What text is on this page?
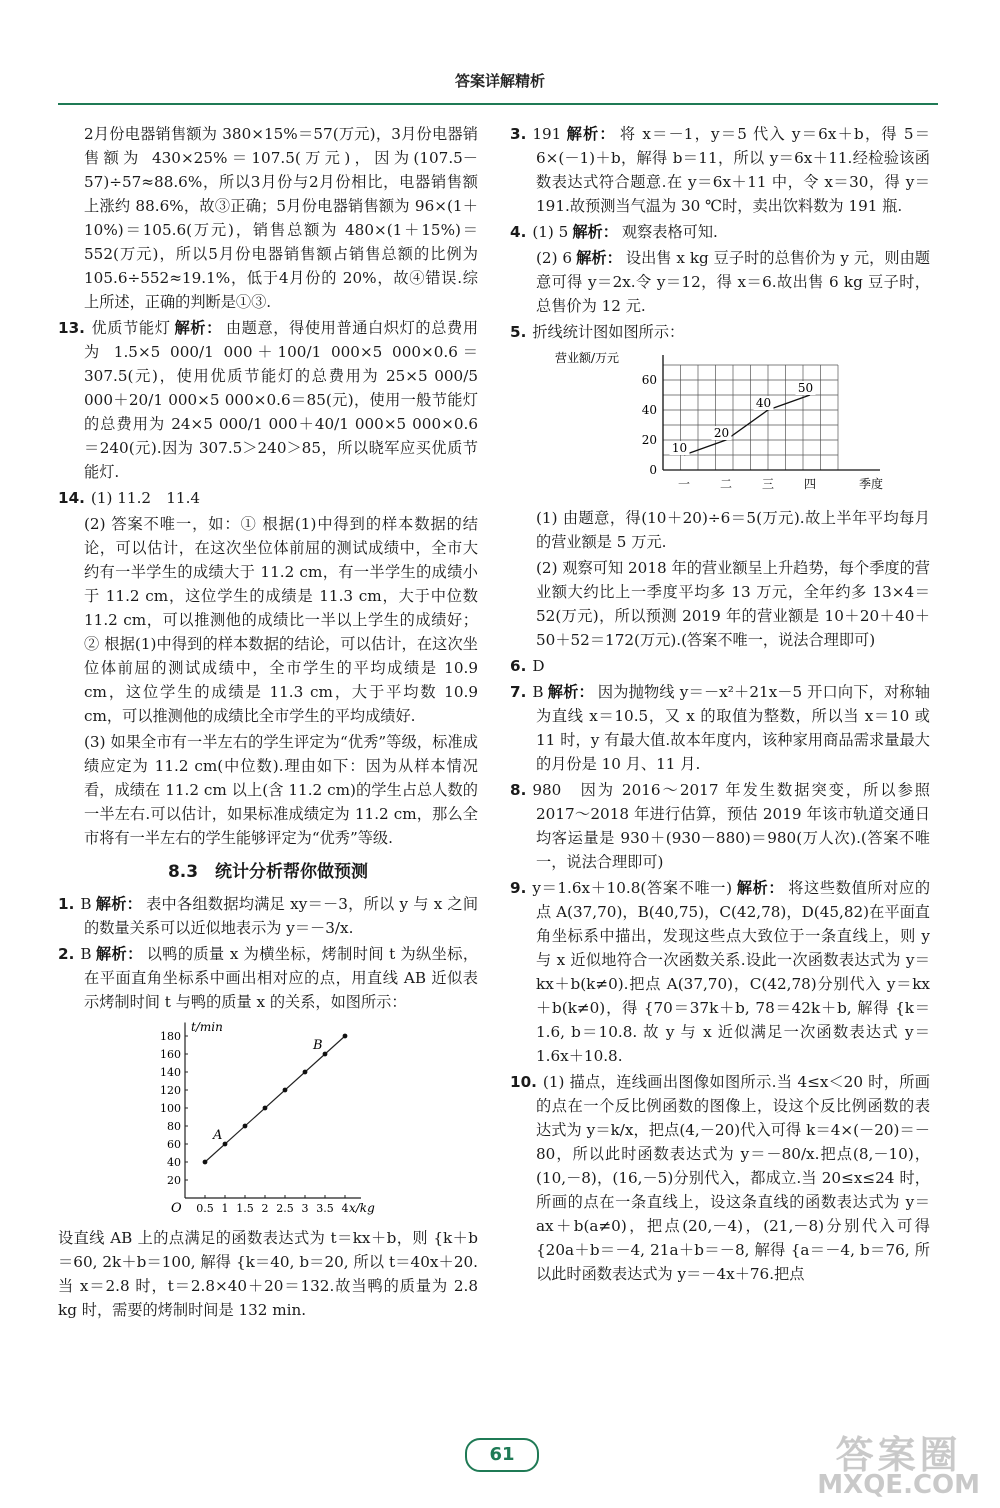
答案详解精析

2月份电器销售额为 380×15%＝57(万元)，3月份电器销售额为 430×25%＝107.5(万元)，因为(107.5－57)÷57≈88.6%，所以3月份与2月份相比，电器销售额上涨约 88.6%，故③正确；5月份电器销售额为 96×(1＋10%)＝105.6(万元)，销售总额为 480×(1＋15%)＝552(万元)，所以5月份电器销售额占销售总额的比例为 105.6÷552≈19.1%，低于4月份的 20%，故④错误.综上所述，正确的判断是①③.

13. 优质节能灯 解析： 由题意，得使用普通白炽灯的总费用为 1.5×5 000/1 000＋100/1 000×5 000×0.6＝307.5(元)，使用优质节能灯的总费用为 25×5 000/5 000＋20/1 000×5 000×0.6＝85(元)，使用一般节能灯的总费用为 24×5 000/1 000＋40/1 000×5 000×0.6＝240(元).因为 307.5＞240＞85，所以晓军应买优质节能灯.

14. (1) 11.2　11.4

(2) 答案不唯一，如：① 根据(1)中得到的样本数据的结论，可以估计，在这次坐位体前屈的测试成绩中，全市大约有一半学生的成绩大于 11.2 cm，有一半学生的成绩小于 11.2 cm，这位学生的成绩是 11.3 cm，大于中位数 11.2 cm，可以推测他的成绩比一半以上学生的成绩好；② 根据(1)中得到的样本数据的结论，可以估计，在这次坐位体前屈的测试成绩中，全市学生的平均成绩是 10.9 cm，这位学生的成绩是 11.3 cm，大于平均数 10.9 cm，可以推测他的成绩比全市学生的平均成绩好.

(3) 如果全市有一半左右的学生评定为“优秀”等级，标准成绩应定为 11.2 cm(中位数).理由如下：因为从样本情况看，成绩在 11.2 cm 以上(含 11.2 cm)的学生占总人数的一半左右.可以估计，如果标准成绩定为 11.2 cm，那么全市将有一半左右的学生能够评定为“优秀”等级.

8.3　统计分析帮你做预测

1. B 解析： 表中各组数据均满足 xy＝－3，所以 y 与 x 之间的数量关系可以近似地表示为 y＝－3/x.

2. B 解析： 以鸭的质量 x 为横坐标，烤制时间 t 为纵坐标，在平面直角坐标系中画出相对应的点，用直线 AB 近似表示烤制时间 t 与鸭的质量 x 的关系，如图所示：

O 0.5 1 1.5 2 2.5 3 3.5 4
20
40
60
80
100
120
140
160
180
t/min
x/kg
A
B

设直线 AB 上的点满足的函数表达式为 t＝kx＋b，则 {k＋b＝60, 2k＋b＝100, 解得 {k＝40, b＝20, 所以 t＝40x＋20.当 x＝2.8 时，t＝2.8×40＋20＝132.故当鸭的质量为 2.8 kg 时，需要的烤制时间是 132 min.

3. 191 解析： 将 x＝－1，y＝5 代入 y＝6x＋b，得 5＝6×(－1)＋b，解得 b＝11，所以 y＝6x＋11.经检验该函数表达式符合题意.在 y＝6x＋11 中，令 x＝30，得 y＝191.故预测当气温为 30 ℃时，卖出饮料数为 191 瓶.

4. (1) 5 解析： 观察表格可知.

(2) 6 解析： 设出售 x kg 豆子时的总售价为 y 元，则由题意可得 y＝2x.令 y＝12，得 x＝6.故出售 6 kg 豆子时，总售价为 12 元.

5. 折线统计图如图所示：

营业额/万元
0
20
40
60
一 二 三 四	季度
10
20
40
50

(1) 由题意，得(10＋20)÷6＝5(万元).故上半年平均每月的营业额是 5 万元.

(2) 观察可知 2018 年的营业额呈上升趋势，每个季度的营业额大约比上一季度平均多 13 万元，全年约多 13×4＝52(万元)，所以预测 2019 年的营业额是 10＋20＋40＋50＋52＝172(万元).(答案不唯一，说法合理即可)

6. D

7. B 解析： 因为抛物线 y＝－x²＋21x－5 开口向下，对称轴为直线 x＝10.5，又 x 的取值为整数，所以当 x＝10 或 11 时，y 有最大值.故本年度内，该种家用商品需求量最大的月份是 10 月、11 月.

8. 980　 因为 2016～2017 年发生数据突变，所以参照 2017～2018 年进行估算，预估 2019 年该市轨道交通日均客运量是 930＋(930－880)＝980(万人次).(答案不唯一，说法合理即可)

9. y＝1.6x＋10.8(答案不唯一) 解析： 将这些数值所对应的点 A(37,70)，B(40,75)，C(42,78)，D(45,82)在平面直角坐标系中描出，发现这些点大致位于一条直线上，则 y 与 x 近似地符合一次函数关系.设此一次函数表达式为 y＝kx＋b(k≠0).把点 A(37,70)，C(42,78)分别代入 y＝kx＋b(k≠0)，得 {70＝37k＋b, 78＝42k＋b, 解得 {k＝1.6, b＝10.8. 故 y 与 x 近似满足一次函数表达式 y＝1.6x＋10.8.

10. (1) 描点，连线画出图像如图所示.当 4≤x＜20 时，所画的点在一个反比例函数的图像上，设这个反比例函数的表达式为 y＝k/x，把点(4,－20)代入可得 k＝4×(－20)＝－80，所以此时函数表达式为 y＝－80/x.把点(8,－10)，(10,－8)，(16,－5)分别代入，都成立.当 20≤x≤24 时，所画的点在一条直线上，设这条直线的函数表达式为 y＝ax＋b(a≠0)，把点(20,－4)，(21,－8)分别代入可得 {20a＋b＝－4, 21a＋b＝－8, 解得 {a＝－4, b＝76, 所以此时函数表达式为 y＝－4x＋76.把点

61	答案圈
MXQE.COM
